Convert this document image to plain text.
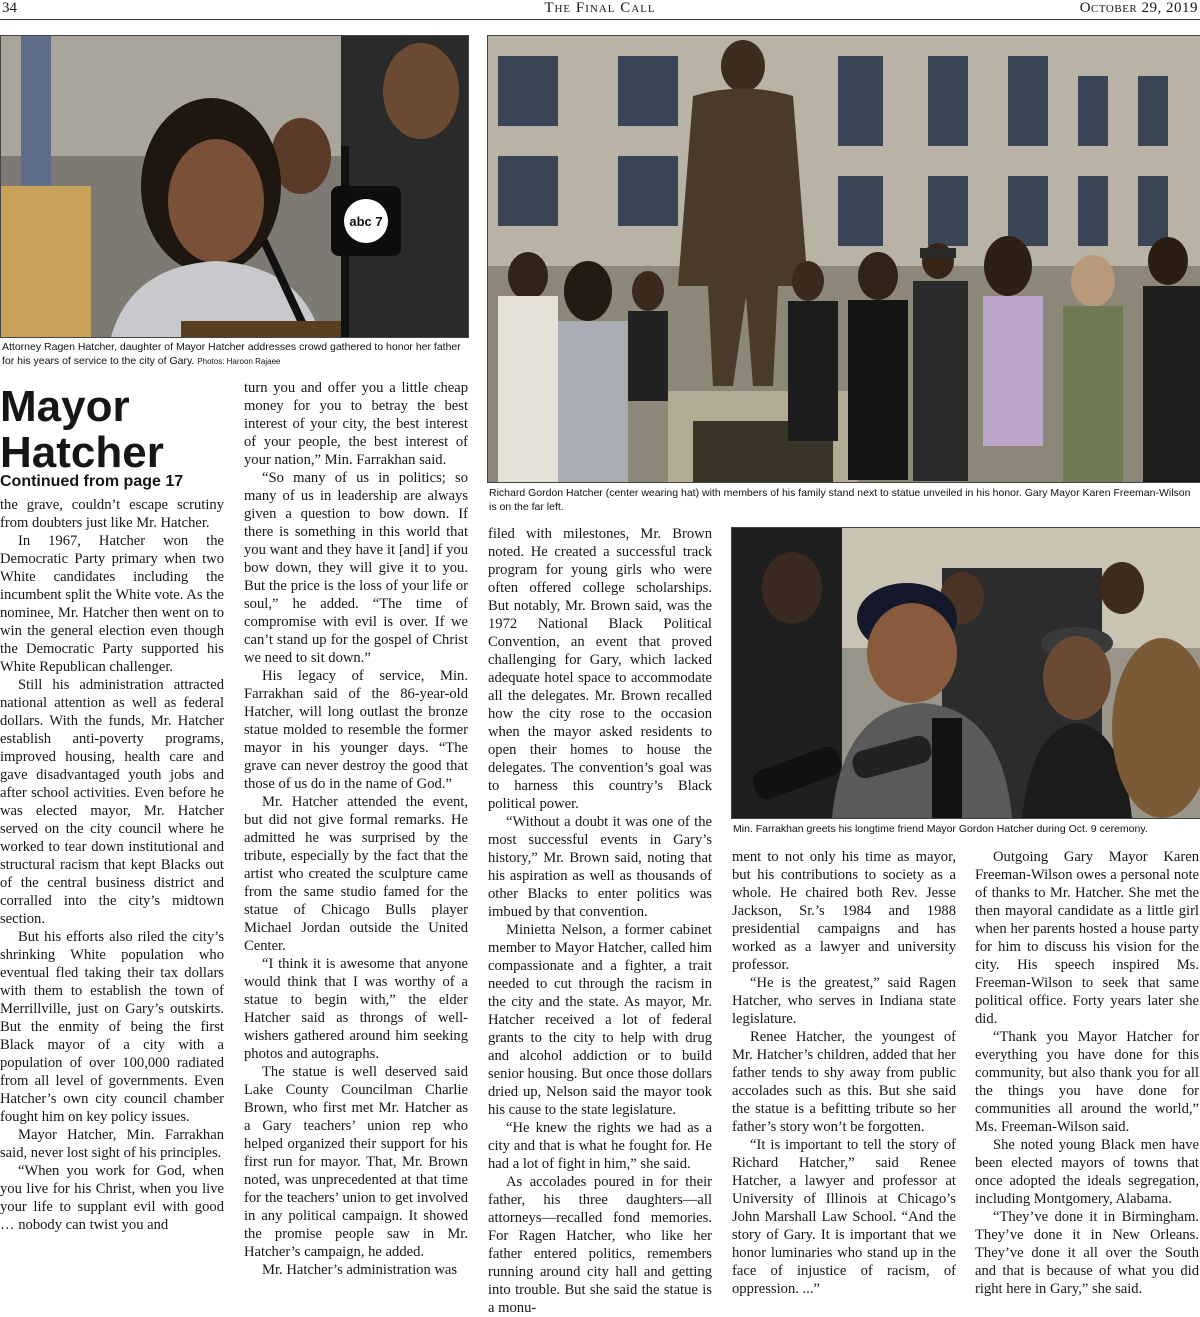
34	The Final Call	October 29, 2019
abc 7
Attorney Ragen Hatcher, daughter of Mayor Hatcher addresses crowd gathered to honor her father for his years of service to the city of Gary. Photos: Haroon Rajaee
Richard Gordon Hatcher (center wearing hat) with members of his family stand next to statue unveiled in his honor. Gary Mayor Karen Freeman-Wilson is on the far left.
Min. Farrakhan greets his longtime friend Mayor Gordon Hatcher during Oct. 9 ceremony.
Mayor
Hatcher
Continued from page 17

the grave, couldn’t escape scrutiny from doubters just like Mr. Hatcher.

In 1967, Hatcher won the Democratic Party primary when two White candidates including the incumbent split the White vote. As the nominee, Mr. Hatcher then went on to win the general election even though the Democratic Party supported his White Republican challenger.

Still his administration attracted national attention as well as federal dollars. With the funds, Mr. Hatcher establish anti-poverty programs, improved housing, health care and gave disadvantaged youth jobs and after school activities. Even before he was elected mayor, Mr. Hatcher served on the city council where he worked to tear down institutional and structural racism that kept Blacks out of the central business district and corralled into the city’s midtown section.

But his efforts also riled the city’s shrinking White population who eventual fled taking their tax dollars with them to establish the town of Merrillville, just on Gary’s outskirts. But the enmity of being the first Black mayor of a city with a population of over 100,000 radiated from all level of governments. Even Hatcher’s own city council chamber fought him on key policy issues.

Mayor Hatcher, Min. Farrakhan said, never lost sight of his principles.

“When you work for God, when you live for his Christ, when you live your life to supplant evil with good … nobody can twist you and

turn you and offer you a little cheap money for you to betray the best interest of your city, the best interest of your people, the best interest of your nation,” Min. Farrakhan said.

“So many of us in politics; so many of us in leadership are always given a question to bow down. If there is something in this world that you want and they have it [and] if you bow down, they will give it to you. But the price is the loss of your life or soul,” he added. “The time of compromise with evil is over. If we can’t stand up for the gospel of Christ we need to sit down.”

His legacy of service, Min. Farrakhan said of the 86-year-old Hatcher, will long outlast the bronze statue molded to resemble the former mayor in his younger days. “The grave can never destroy the good that those of us do in the name of God.”

Mr. Hatcher attended the event, but did not give formal remarks. He admitted he was surprised by the tribute, especially by the fact that the artist who created the sculpture came from the same studio famed for the statue of Chicago Bulls player Michael Jordan outside the United Center.

“I think it is awesome that anyone would think that I was worthy of a statue to begin with,” the elder Hatcher said as throngs of well-wishers gathered around him seeking photos and autographs.

The statue is well deserved said Lake County Councilman Charlie Brown, who first met Mr. Hatcher as a Gary teachers’ union rep who helped organized their support for his first run for mayor. That, Mr. Brown noted, was unprecedented at that time for the teachers’ union to get involved in any political campaign. It showed the promise people saw in Mr. Hatcher’s campaign, he added.

Mr. Hatcher’s administration was

filed with milestones, Mr. Brown noted. He created a successful track program for young girls who were often offered college scholarships. But notably, Mr. Brown said, was the 1972 National Black Political Convention, an event that proved challenging for Gary, which lacked adequate hotel space to accommodate all the delegates. Mr. Brown recalled how the city rose to the occasion when the mayor asked residents to open their homes to house the delegates. The convention’s goal was to harness this country’s Black political power.

“Without a doubt it was one of the most successful events in Gary’s history,” Mr. Brown said, noting that his aspiration as well as thousands of other Blacks to enter politics was imbued by that convention.

Minietta Nelson, a former cabinet member to Mayor Hatcher, called him compassionate and a fighter, a trait needed to cut through the racism in the city and the state. As mayor, Mr. Hatcher received a lot of federal grants to the city to help with drug and alcohol addiction or to build senior housing. But once those dollars dried up, Nelson said the mayor took his cause to the state legislature.

“He knew the rights we had as a city and that is what he fought for. He had a lot of fight in him,” she said.

As accolades poured in for their father, his three daughters—all attorneys—recalled fond memories. For Ragen Hatcher, who like her father entered politics, remembers running around city hall and getting into trouble. But she said the statue is a monu-

ment to not only his time as mayor, but his contributions to society as a whole. He chaired both Rev. Jesse Jackson, Sr.’s 1984 and 1988 presidential campaigns and has worked as a lawyer and university professor.

“He is the greatest,” said Ragen Hatcher, who serves in Indiana state legislature.

Renee Hatcher, the youngest of Mr. Hatcher’s children, added that her father tends to shy away from public accolades such as this. But she said the statue is a befitting tribute so her father’s story won’t be forgotten.

“It is important to tell the story of Richard Hatcher,” said Renee Hatcher, a lawyer and professor at University of Illinois at Chicago’s John Marshall Law School. “And the story of Gary. It is important that we honor luminaries who stand up in the face of injustice of racism, of oppression. ...”

Outgoing Gary Mayor Karen Freeman-Wilson owes a personal note of thanks to Mr. Hatcher. She met the then mayoral candidate as a little girl when her parents hosted a house party for him to discuss his vision for the city. His speech inspired Ms. Freeman-Wilson to seek that same political office. Forty years later she did.

“Thank you Mayor Hatcher for everything you have done for this community, but also thank you for all the things you have done for communities all around the world,” Ms. Freeman-Wilson said.

She noted young Black men have been elected mayors of towns that once adopted the ideals segregation, including Montgomery, Alabama.

“They’ve done it in Birmingham. They’ve done it in New Orleans. They’ve done it all over the South and that is because of what you did right here in Gary,” she said.
